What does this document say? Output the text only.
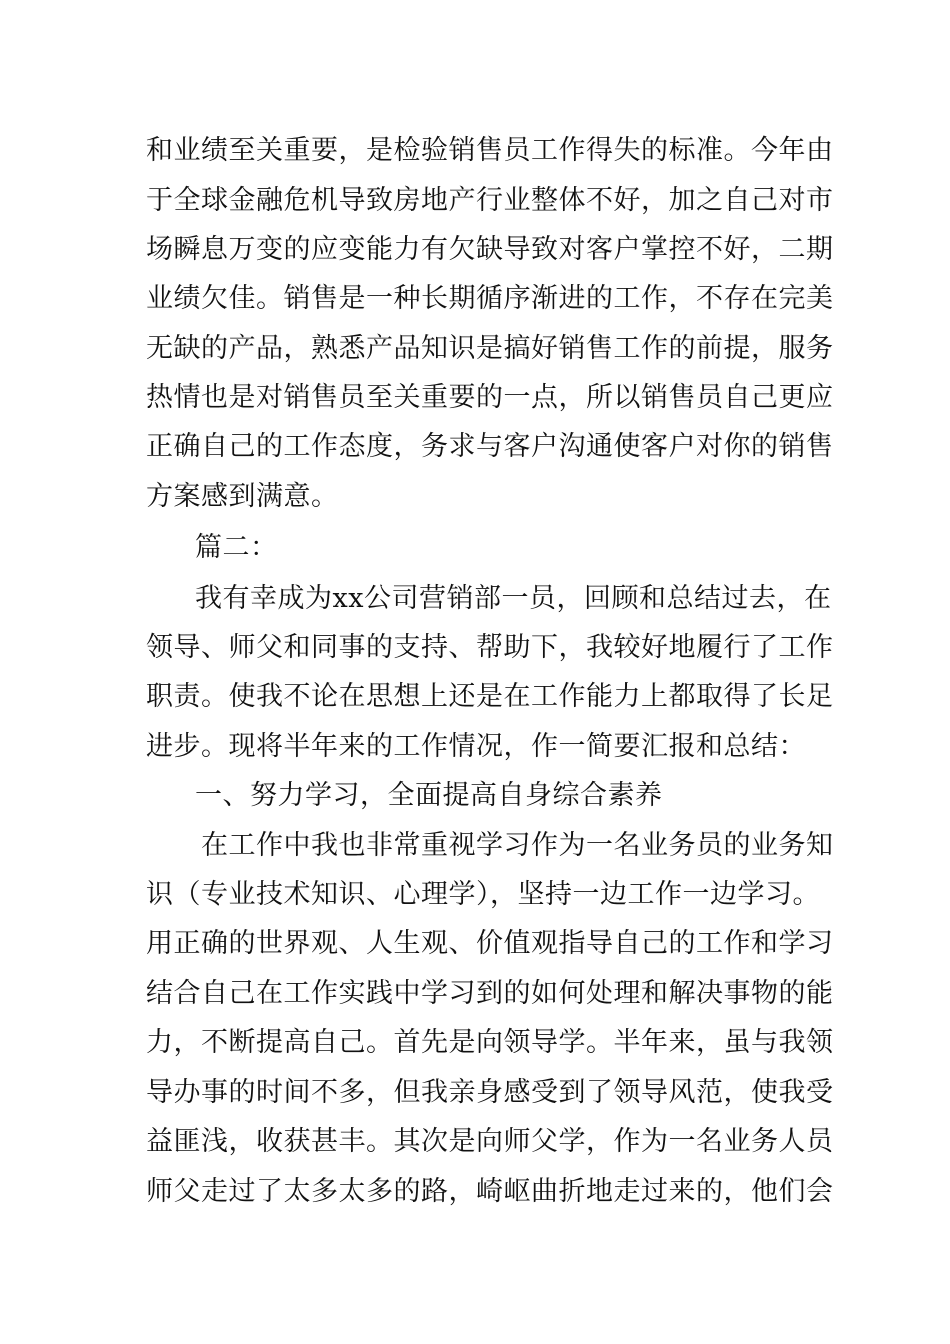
和业绩至关重要，是检验销售员工作得失的标准。今年由
于全球金融危机导致房地产行业整体不好，加之自己对市
场瞬息万变的应变能力有欠缺导致对客户掌控不好，二期
业绩欠佳。销售是一种长期循序渐进的工作，不存在完美
无缺的产品，熟悉产品知识是搞好销售工作的前提，服务
热情也是对销售员至关重要的一点，所以销售员自己更应
正确自己的工作态度，务求与客户沟通使客户对你的销售
方案感到满意。
篇二：
我有幸成为xx公司营销部一员，回顾和总结过去，在
领导、师父和同事的支持、帮助下，我较好地履行了工作
职责。使我不论在思想上还是在工作能力上都取得了长足
进步。现将半年来的工作情况，作一简要汇报和总结：
一、努力学习，全面提高自身综合素养
在工作中我也非常重视学习作为一名业务员的业务知
识（专业技术知识、心理学），坚持一边工作一边学习。
用正确的世界观、人生观、价值观指导自己的工作和学习
结合自己在工作实践中学习到的如何处理和解决事物的能
力，不断提高自己。首先是向领导学。半年来，虽与我领
导办事的时间不多，但我亲身感受到了领导风范，使我受
益匪浅，收获甚丰。其次是向师父学，作为一名业务人员
师父走过了太多太多的路，崎岖曲折地走过来的，他们会
